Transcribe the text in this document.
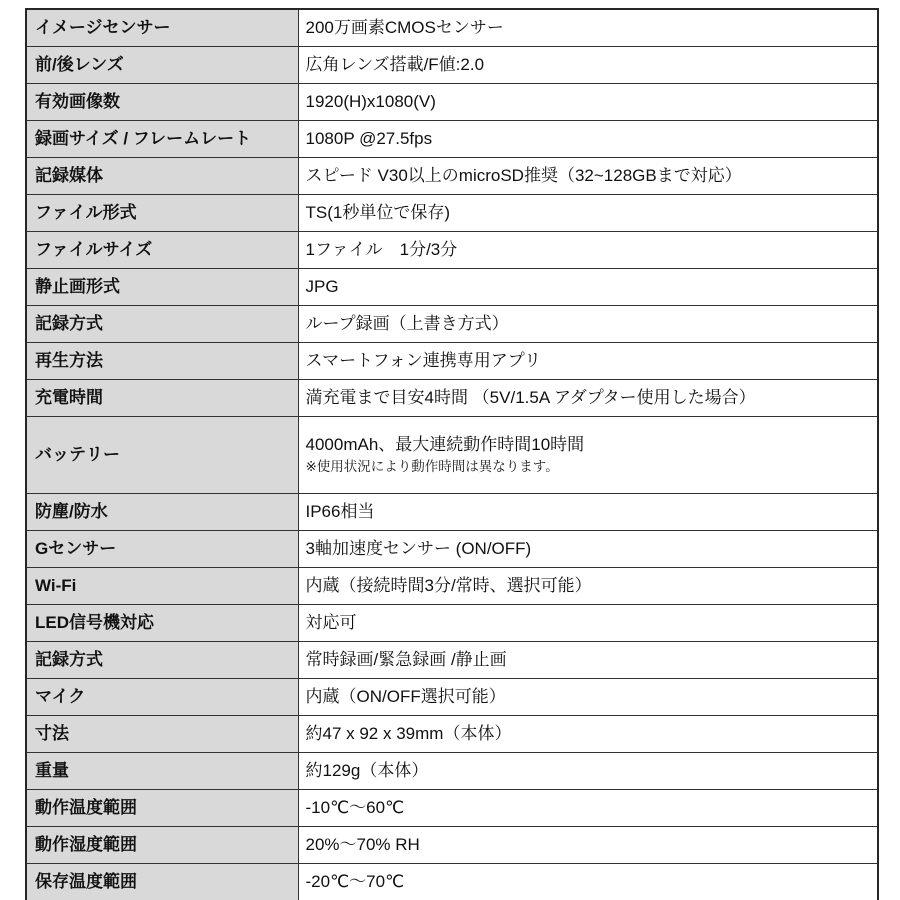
イメージセンサー	200万画素CMOSセンサー

前/後レンズ	広角レンズ搭載/F値:2.0

有効画像数	1920(H)x1080(V)

録画サイズ / フレームレート	1080P @27.5fps

記録媒体	スピード V30以上のmicroSD推奨（32~128GBまで対応）

ファイル形式	TS(1秒単位で保存)

ファイルサイズ	1ファイル　1分/3分

静止画形式	JPG

記録方式	ループ録画（上書き方式）

再生方法	スマートフォン連携専用アプリ

充電時間	満充電まで目安4時間 （5V/1.5A アダプター使用した場合）

バッテリー	4000mAh、最大連続動作時間10時間
※使用状況により動作時間は異なります。

防塵/防水	IP66相当

Gセンサー	3軸加速度センサー (ON/OFF)

Wi-Fi	内蔵（接続時間3分/常時、選択可能）

LED信号機対応	対応可

記録方式	常時録画/緊急録画 /静止画

マイク	内蔵（ON/OFF選択可能）

寸法	約47 x 92 x 39mm（本体）

重量	約129g（本体）

動作温度範囲	-10℃～60℃

動作湿度範囲	20%～70% RH

保存温度範囲	-20℃～70℃
